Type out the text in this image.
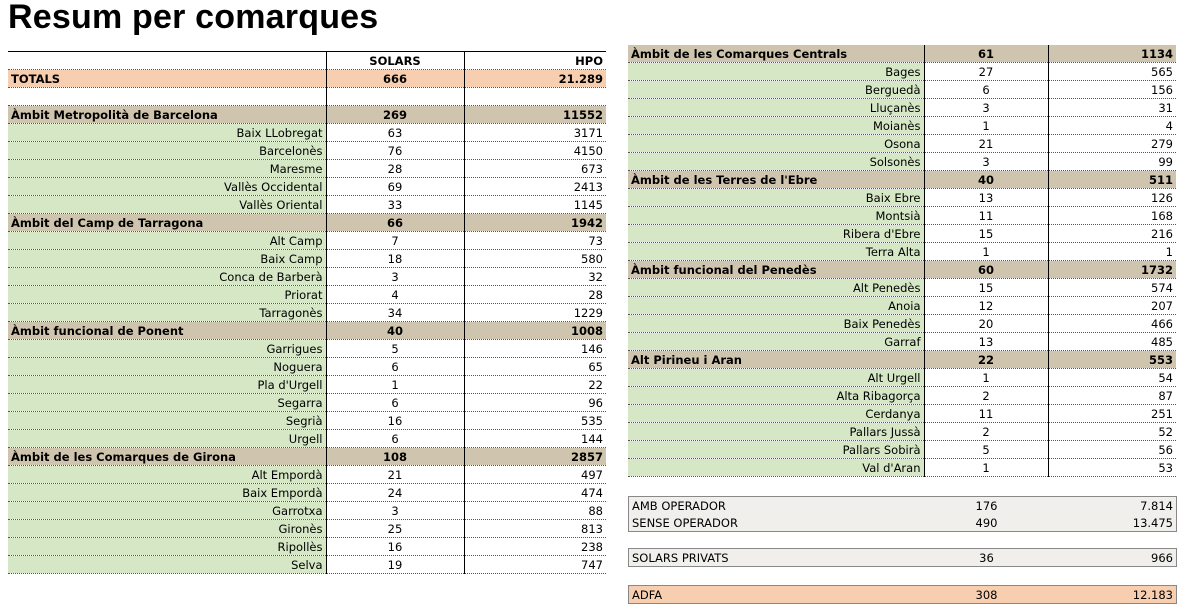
Resum per comarques
	SOLARS	HPO
TOTALS	666	21.289

Àmbit Metropolità de Barcelona	269	11552
Baix LLobregat	63	3171
Barcelonès	76	4150
Maresme	28	673
Vallès Occidental	69	2413
Vallès Oriental	33	1145
Àmbit del Camp de Tarragona	66	1942
Alt Camp	7	73
Baix Camp	18	580
Conca de Barberà	3	32
Priorat	4	28
Tarragonès	34	1229
Àmbit funcional de Ponent	40	1008
Garrigues	5	146
Noguera	6	65
Pla d'Urgell	1	22
Segarra	6	96
Segrià	16	535
Urgell	6	144
Àmbit de les Comarques de Girona	108	2857
Alt Empordà	21	497
Baix Empordà	24	474
Garrotxa	3	88
Gironès	25	813
Ripollès	16	238
Selva	19	747
Àmbit de les Comarques Centrals	61	1134
Bages	27	565
Berguedà	6	156
Lluçanès	3	31
Moianès	1	4
Osona	21	279
Solsonès	3	99
Àmbit de les Terres de l'Ebre	40	511
Baix Ebre	13	126
Montsià	11	168
Ribera d'Ebre	15	216
Terra Alta	1	1
Àmbit funcional del Penedès	60	1732
Alt Penedès	15	574
Anoia	12	207
Baix Penedès	20	466
Garraf	13	485
Alt Pirineu i Aran	22	553
Alt Urgell	1	54
Alta Ribagorça	2	87
Cerdanya	11	251
Pallars Jussà	2	52
Pallars Sobirà	5	56
Val d'Aran	1	53
AMB OPERADOR	176	7.814
SENSE OPERADOR	490	13.475
SOLARS PRIVATS	36	966
ADFA	308	12.183
